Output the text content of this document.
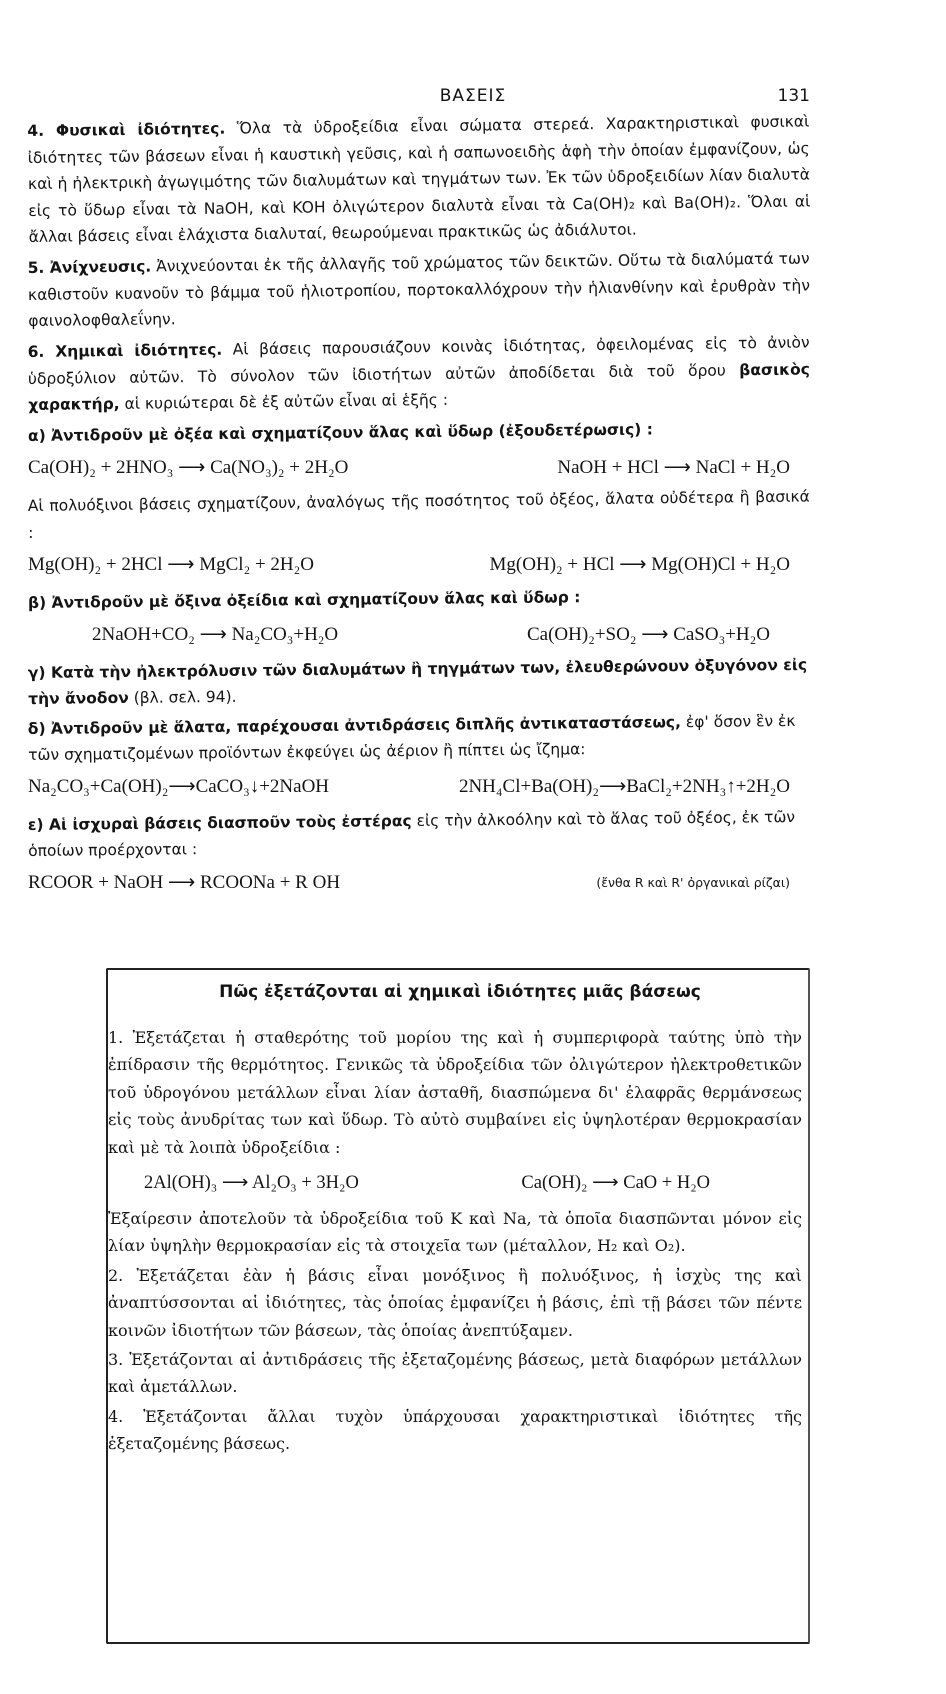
ΒΑΣΕΙΣ	131

4. Φυσικαὶ ἰδιότητες. Ὅλα τὰ ὑδροξείδια εἶναι σώματα στερεά. Χαρακτηριστικαὶ φυσικαὶ ἰδιότητες τῶν βάσεων εἶναι ἡ καυστικὴ γεῦσις, καὶ ἡ σαπωνοειδὴς ἁφὴ τὴν ὁποίαν ἐμφανίζουν, ὡς καὶ ἡ ἠλεκτρικὴ ἀγωγιμότης τῶν διαλυμάτων καὶ τηγμάτων των. Ἐκ τῶν ὑδροξειδίων λίαν διαλυτὰ εἰς τὸ ὕδωρ εἶναι τὰ NaOH, καὶ KOH ὀλιγώτερον διαλυτὰ εἶναι τὰ Ca(OH)₂ καὶ Ba(OH)₂. Ὅλαι αἱ ἄλλαι βάσεις εἶναι ἐλάχιστα διαλυταί, θεωρούμεναι πρακτικῶς ὡς ἀδιάλυτοι.

5. Ἀνίχνευσις. Ἀνιχνεύονται ἐκ τῆς ἀλλαγῆς τοῦ χρώματος τῶν δεικτῶν. Οὕτω τὰ διαλύματά των καθιστοῦν κυανοῦν τὸ βάμμα τοῦ ἡλιοτροπίου, πορτοκαλλόχρουν τὴν ἡλιανθίνην καὶ ἐρυθρὰν τὴν φαινολοφθαλεΐνην.

6. Χημικαὶ ἰδιότητες. Αἱ βάσεις παρουσιάζουν κοινὰς ἰδιότητας, ὀφειλομένας εἰς τὸ ἀνιὸν ὑδροξύλιον αὐτῶν. Τὸ σύνολον τῶν ἰδιοτήτων αὐτῶν ἀποδίδεται διὰ τοῦ ὅρου βασικὸς χαρακτήρ, αἱ κυριώτεραι δὲ ἐξ αὐτῶν εἶναι αἱ ἑξῆς :

α) Ἀντιδροῦν μὲ ὀξέα καὶ σχηματίζουν ἅλας καὶ ὕδωρ (ἐξουδετέρωσις) :

Ca(OH)₂ + 2HNO₃ ⟶ Ca(NO₃)₂ + 2H₂O	NaOH + HCl ⟶ NaCl + H₂O

Αἱ πολυόξινοι βάσεις σχηματίζουν, ἀναλόγως τῆς ποσότητος τοῦ ὀξέος, ἅλατα οὐδέτερα ἢ βασικά :

Mg(OH)₂ + 2HCl ⟶ MgCl₂ + 2H₂O	Mg(OH)₂ + HCl ⟶ Mg(OH)Cl + H₂O

β) Ἀντιδροῦν μὲ ὄξινα ὀξείδια καὶ σχηματίζουν ἅλας καὶ ὕδωρ :

2NaOH+CO₂ ⟶ Na₂CO₃+H₂O	Ca(OH)₂+SO₂ ⟶ CaSO₃+H₂O

γ) Κατὰ τὴν ἠλεκτρόλυσιν τῶν διαλυμάτων ἢ τηγμάτων των, ἐλευθερώνουν ὀξυγόνον εἰς τὴν ἄνοδον (βλ. σελ. 94).

δ) Ἀντιδροῦν μὲ ἅλατα, παρέχουσαι ἀντιδράσεις διπλῆς ἀντικαταστάσεως, ἐφ' ὅσον ἓν ἐκ τῶν σχηματιζομένων προϊόντων ἐκφεύγει ὡς ἀέριον ἢ πίπτει ὡς ἴζημα:

Na₂CO₃+Ca(OH)₂⟶CaCO₃↓+2NaOH	2NH₄Cl+Ba(OH)₂⟶BaCl₂+2NH₃↑+2H₂O

ε) Αἱ ἰσχυραὶ βάσεις διασποῦν τοὺς ἐστέρας εἰς τὴν ἀλκοόλην καὶ τὸ ἅλας τοῦ ὀξέος, ἐκ τῶν ὁποίων προέρχονται :

RCOOR + NaOH ⟶ RCOONa + R OH	(ἔνθα R καὶ R' ὀργανικαὶ ρίζαι)
Πῶς ἐξετάζονται αἱ χημικαὶ ἰδιότητες μιᾶς βάσεως

1. Ἐξετάζεται ἡ σταθερότης τοῦ μορίου της καὶ ἡ συμπεριφορὰ ταύτης ὑπὸ τὴν ἐπίδρασιν τῆς θερμότητος. Γενικῶς τὰ ὑδροξείδια τῶν ὀλιγώτερον ἠλεκτροθετικῶν τοῦ ὑδρογόνου μετάλλων εἶναι λίαν ἀσταθῆ, διασπώμενα δι' ἐλαφρᾶς θερμάνσεως εἰς τοὺς ἀνυδρίτας των καὶ ὕδωρ. Τὸ αὐτὸ συμβαίνει εἰς ὑψηλοτέραν θερμοκρασίαν καὶ μὲ τὰ λοιπὰ ὑδροξείδια :

2Al(OH)₃ ⟶ Al₂O₃ + 3H₂O	Ca(OH)₂ ⟶ CaO + H₂O

Ἐξαίρεσιν ἀποτελοῦν τὰ ὑδροξείδια τοῦ K καὶ Na, τὰ ὁποῖα διασπῶνται μόνον εἰς λίαν ὑψηλὴν θερμοκρασίαν εἰς τὰ στοιχεῖα των (μέταλλον, H₂ καὶ O₂).

2. Ἐξετάζεται ἐὰν ἡ βάσις εἶναι μονόξινος ἢ πολυόξινος, ἡ ἰσχὺς της καὶ ἀναπτύσσονται αἱ ἰδιότητες, τὰς ὁποίας ἐμφανίζει ἡ βάσις, ἐπὶ τῇ βάσει τῶν πέντε κοινῶν ἰδιοτήτων τῶν βάσεων, τὰς ὁποίας ἀνεπτύξαμεν.

3. Ἐξετάζονται αἱ ἀντιδράσεις τῆς ἐξεταζομένης βάσεως, μετὰ διαφόρων μετάλλων καὶ ἀμετάλλων.

4. Ἐξετάζονται ἄλλαι τυχὸν ὑπάρχουσαι χαρακτηριστικαὶ ἰδιότητες τῆς ἐξεταζομένης βάσεως.
